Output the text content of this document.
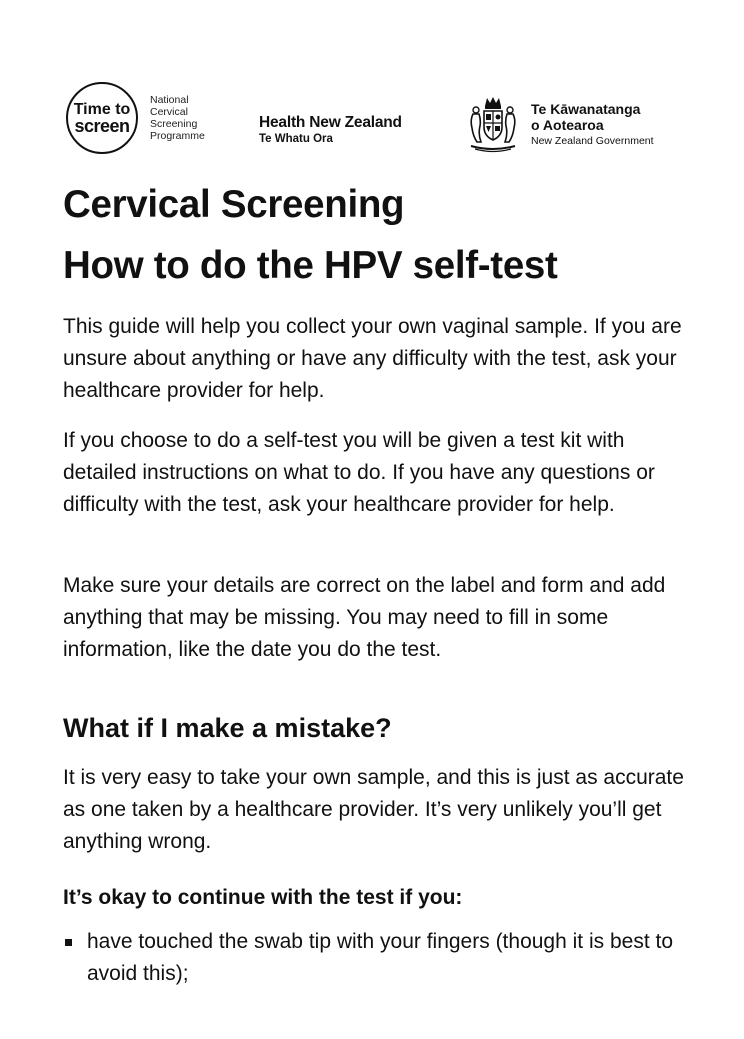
Time to
screen
National
Cervical
Screening
Programme
Health New Zealand
Te Whatu Ora
Te Kāwanatanga
o Aotearoa
New Zealand Government
Cervical Screening
How to do the HPV self-test

This guide will help you collect your own vaginal sample. If you are unsure about anything or have any difficulty with the test, ask your healthcare provider for help.

If you choose to do a self-test you will be given a test kit with detailed instructions on what to do. If you have any questions or difficulty with the test, ask your healthcare provider for help.

Make sure your details are correct on the label and form and add anything that may be missing. You may need to fill in some information, like the date you do the test.

What if I make a mistake?

It is very easy to take your own sample, and this is just as accurate as one taken by a healthcare provider. It’s very unlikely you’ll get anything wrong.

It’s okay to continue with the test if you:

have touched the swab tip with your fingers (though it is best to avoid this);
